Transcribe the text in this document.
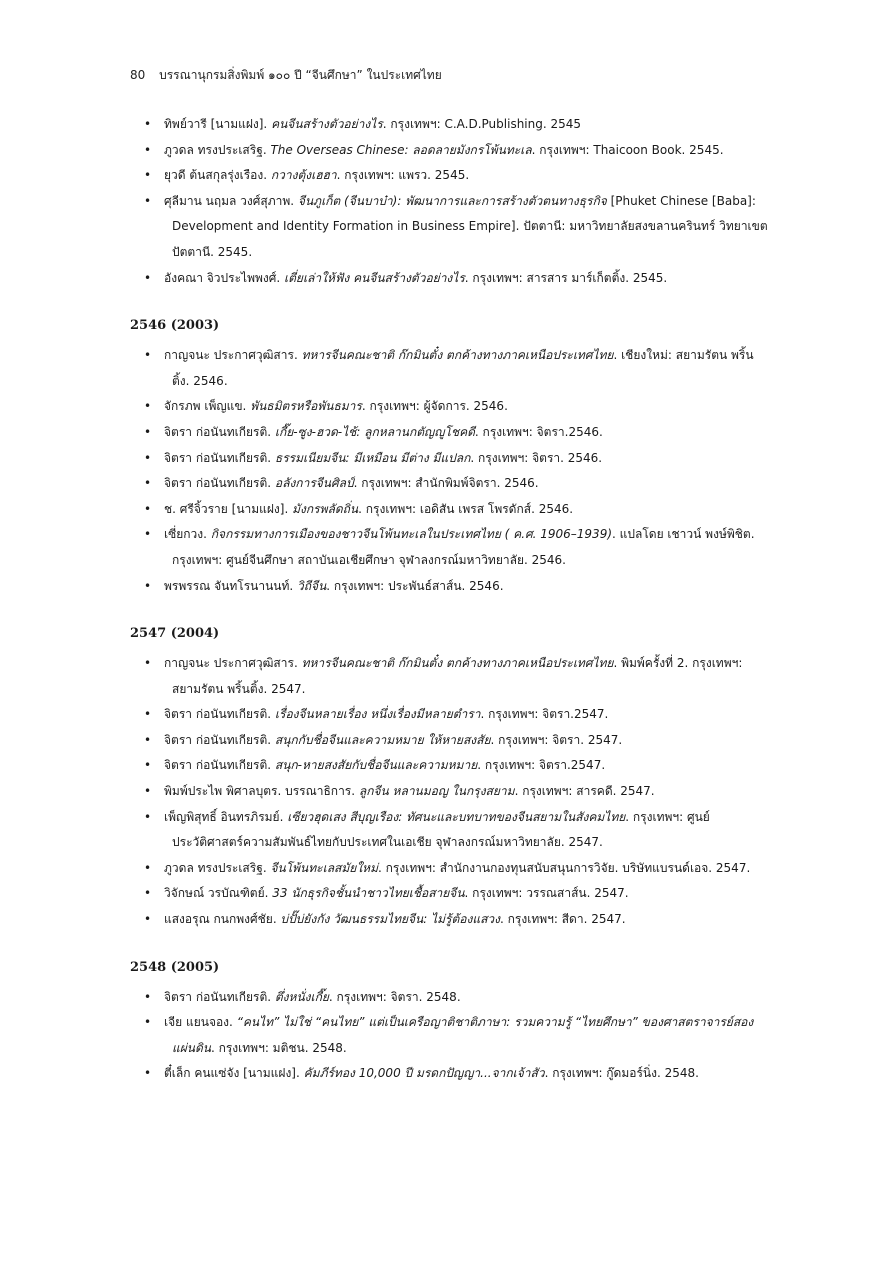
80 บรรณานุกรมสิ่งพิมพ์ ๑๐๐ ปี “จีนศึกษา” ในประเทศไทย
• ทิพย์วารี [นามแฝง]. คนจีนสร้างตัวอย่างไร. กรุงเทพฯ: C.A.D.Publishing. 2545
• ภูวดล ทรงประเสริฐ. The Overseas Chinese: ลอดลายมังกรโพ้นทะเล. กรุงเทพฯ: Thaicoon Book. 2545.
• ยุวดี ต้นสกุลรุ่งเรือง. กวางตุ้งเฮฮา. กรุงเทพฯ: แพรว. 2545.
• ศุลีมาน นฤมล วงศ์สุภาพ. จีนภูเก็ต (จีนบาบ๋า): พัฒนาการและการสร้างตัวตนทางธุรกิจ [Phuket Chinese [Baba]: Development and Identity Formation in Business Empire]. ปัตตานี: มหาวิทยาลัยสงขลานครินทร์ วิทยาเขตปัตตานี. 2545.
• อังคณา จิวประไพพงศ์. เตี่ยเล่าให้ฟัง คนจีนสร้างตัวอย่างไร. กรุงเทพฯ: สารสาร มาร์เก็ตติ้ง. 2545.
2546 (2003)
• กาญจนะ ประกาศวุฒิสาร. ทหารจีนคณะชาติ ก๊กมินตั๋ง ตกค้างทางภาคเหนือประเทศไทย. เชียงใหม่: สยามรัตน พริ้นติ้ง. 2546.
• จักรภพ เพ็ญแข. พันธมิตรหรือพันธมาร. กรุงเทพฯ: ผู้จัดการ. 2546.
• จิตรา ก่อนันทเกียรติ. เกี๊ย-ซูง-ฮวด-ไช้: ลูกหลานกตัญญูโชคดี. กรุงเทพฯ: จิตรา.2546.
• จิตรา ก่อนันทเกียรติ. ธรรมเนียมจีน: มีเหมือน มีต่าง มีแปลก. กรุงเทพฯ: จิตรา. 2546.
• จิตรา ก่อนันทเกียรติ. อลังการจีนศิลป์. กรุงเทพฯ: สำนักพิมพ์จิตรา. 2546.
• ช. ศรีจิ้วราย [นามแฝง]. มังกรพลัดถิ่น. กรุงเทพฯ: เอดิสัน เพรส โพรดักส์. 2546.
• เซี่ยกวง. กิจกรรมทางการเมืองของชาวจีนโพ้นทะเลในประเทศไทย ( ค.ศ. 1906–1939). แปลโดย เชาวน์ พงษ์พิชิต. กรุงเทพฯ: ศูนย์จีนศึกษา สถาบันเอเชียศึกษา จุฬาลงกรณ์มหาวิทยาลัย. 2546.
• พรพรรณ จันทโรนานนท์. วิถีจีน. กรุงเทพฯ: ประพันธ์สาส์น. 2546.
2547 (2004)
• กาญจนะ ประกาศวุฒิสาร. ทหารจีนคณะชาติ ก๊กมินตั๋ง ตกค้างทางภาคเหนือประเทศไทย. พิมพ์ครั้งที่ 2. กรุงเทพฯ: สยามรัตน พริ้นติ้ง. 2547.
• จิตรา ก่อนันทเกียรติ. เรื่องจีนหลายเรื่อง หนึ่งเรื่องมีหลายตำรา. กรุงเทพฯ: จิตรา.2547.
• จิตรา ก่อนันทเกียรติ. สนุกกับชื่อจีนและความหมาย ให้หายสงสัย. กรุงเทพฯ: จิตรา. 2547.
• จิตรา ก่อนันทเกียรติ. สนุก-หายสงสัยกับชื่อจีนและความหมาย. กรุงเทพฯ: จิตรา.2547.
• พิมพ์ประไพ พิศาลบุตร. บรรณาธิการ. ลูกจีน หลานมอญ ในกรุงสยาม. กรุงเทพฯ: สารคดี. 2547.
• เพ็ญพิสุทธิ์ อินทรภิรมย์. เซียวฮุดเสง สีบุญเรือง: ทัศนะและบทบาทของจีนสยามในสังคมไทย. กรุงเทพฯ: ศูนย์ประวัติศาสตร์ความสัมพันธ์ไทยกับประเทศในเอเชีย จุฬาลงกรณ์มหาวิทยาลัย. 2547.
• ภูวดล ทรงประเสริฐ. จีนโพ้นทะเลสมัยใหม่. กรุงเทพฯ: สำนักงานกองทุนสนับสนุนการวิจัย. บริษัทแบรนด์เอจ. 2547.
• วิจักษณ์ วรบัณฑิตย์. 33 นักธุรกิจชั้นนำชาวไทยเชื้อสายจีน. กรุงเทพฯ: วรรณสาส์น. 2547.
• แสงอรุณ กนกพงศ์ชัย. บ่ปั๊บ่ยังกัง วัฒนธรรมไทยจีน: ไม่รู้ต้องแสวง. กรุงเทพฯ: สีดา. 2547.
2548 (2005)
• จิตรา ก่อนันทเกียรติ. ตึ่งหนั่งเกี๊ย. กรุงเทพฯ: จิตรา. 2548.
• เจีย แยนจอง. “คนไท” ไม่ใช่ “คนไทย” แต่เป็นเครือญาติชาติภาษา: รวมความรู้ “ไทยศึกษา” ของศาสตราจารย์สองแผ่นดิน. กรุงเทพฯ: มติชน. 2548.
• ตี๋เล็ก คนแซ่จัง [นามแฝง]. คัมภีร์ทอง 10,000 ปี มรดกปัญญา...จากเจ้าสัว. กรุงเทพฯ: กู๊ดมอร์นิ่ง. 2548.
